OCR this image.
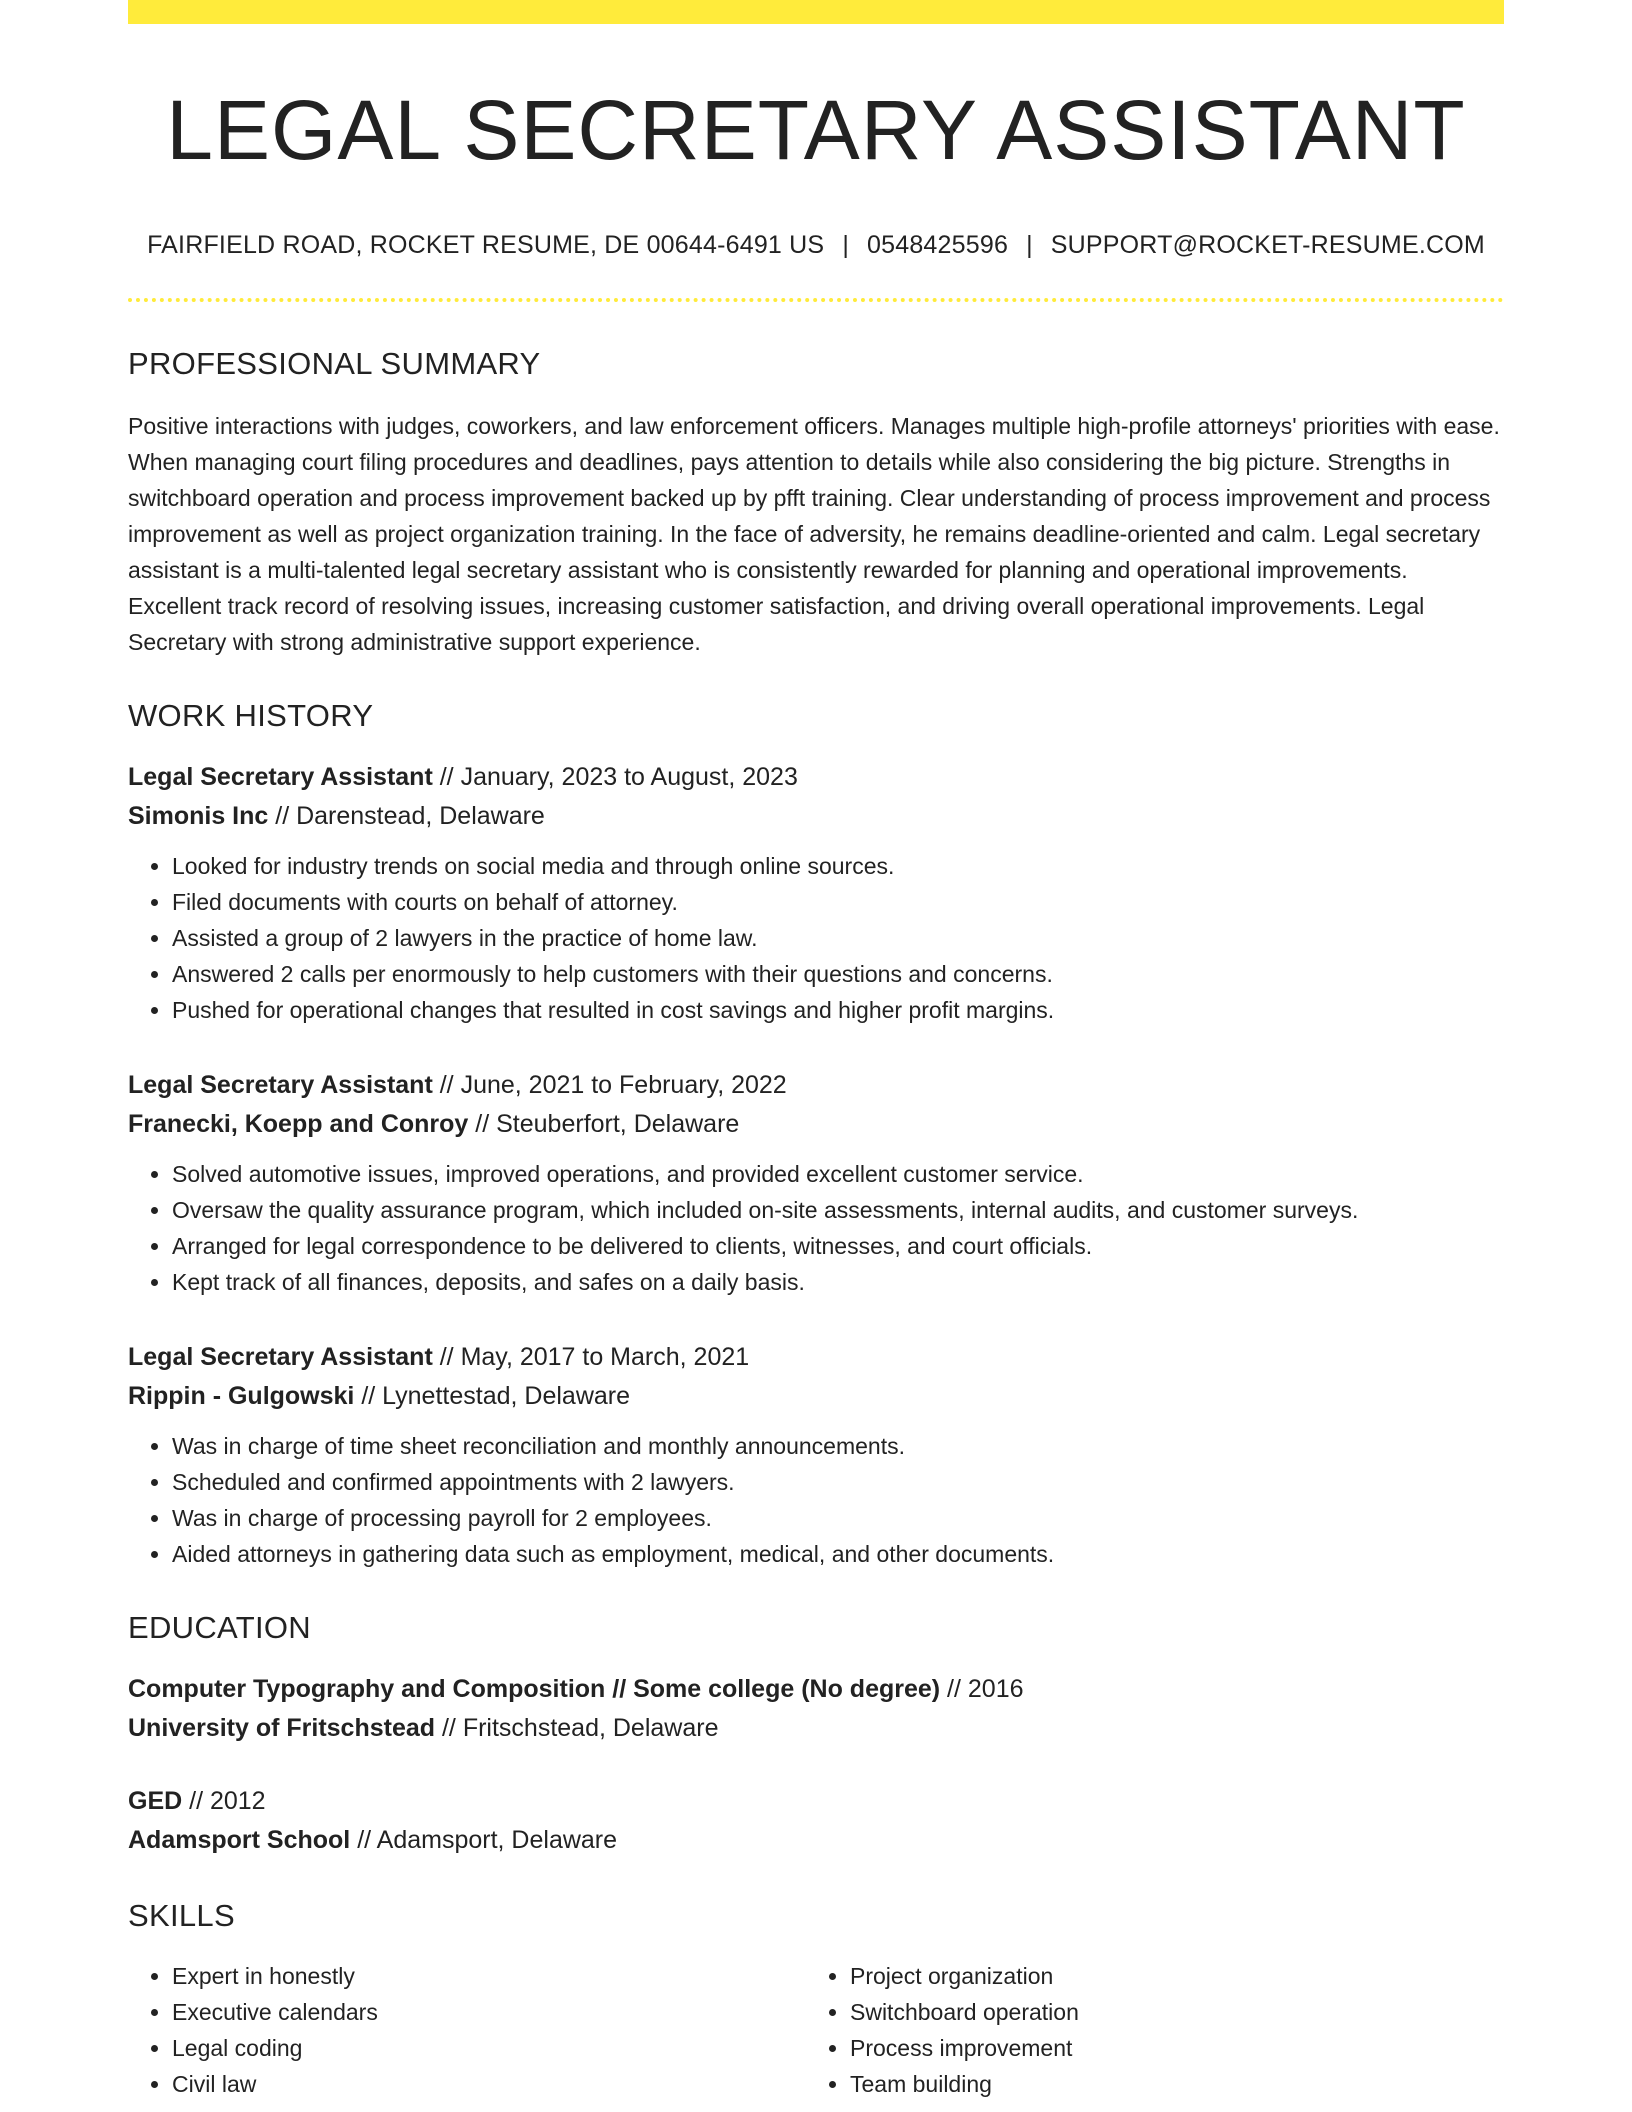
LEGAL SECRETARY ASSISTANT
FAIRFIELD ROAD, ROCKET RESUME, DE 00644-6491 US | 0548425596 | SUPPORT@ROCKET-RESUME.COM
PROFESSIONAL SUMMARY

Positive interactions with judges, coworkers, and law enforcement officers. Manages multiple high-profile attorneys' priorities with ease. When managing court filing procedures and deadlines, pays attention to details while also considering the big picture. Strengths in switchboard operation and process improvement backed up by pfft training. Clear understanding of process improvement and process improvement as well as project organization training. In the face of adversity, he remains deadline-oriented and calm. Legal secretary assistant is a multi-talented legal secretary assistant who is consistently rewarded for planning and operational improvements. Excellent track record of resolving issues, increasing customer satisfaction, and driving overall operational improvements. Legal Secretary with strong administrative support experience.

WORK HISTORY
Legal Secretary Assistant // January, 2023 to August, 2023
Simonis Inc // Darenstead, Delaware
• Looked for industry trends on social media and through online sources.
• Filed documents with courts on behalf of attorney.
• Assisted a group of 2 lawyers in the practice of home law.
• Answered 2 calls per enormously to help customers with their questions and concerns.
• Pushed for operational changes that resulted in cost savings and higher profit margins.
Legal Secretary Assistant // June, 2021 to February, 2022
Franecki, Koepp and Conroy // Steuberfort, Delaware
• Solved automotive issues, improved operations, and provided excellent customer service.
• Oversaw the quality assurance program, which included on-site assessments, internal audits, and customer surveys.
• Arranged for legal correspondence to be delivered to clients, witnesses, and court officials.
• Kept track of all finances, deposits, and safes on a daily basis.
Legal Secretary Assistant // May, 2017 to March, 2021
Rippin - Gulgowski // Lynettestad, Delaware
• Was in charge of time sheet reconciliation and monthly announcements.
• Scheduled and confirmed appointments with 2 lawyers.
• Was in charge of processing payroll for 2 employees.
• Aided attorneys in gathering data such as employment, medical, and other documents.
EDUCATION
Computer Typography and Composition // Some college (No degree) // 2016
University of Fritschstead // Fritschstead, Delaware
GED // 2012
Adamsport School // Adamsport, Delaware
SKILLS
• Expert in honestly
• Executive calendars
• Legal coding
• Civil law
• Project organization
• Switchboard operation
• Process improvement
• Team building
